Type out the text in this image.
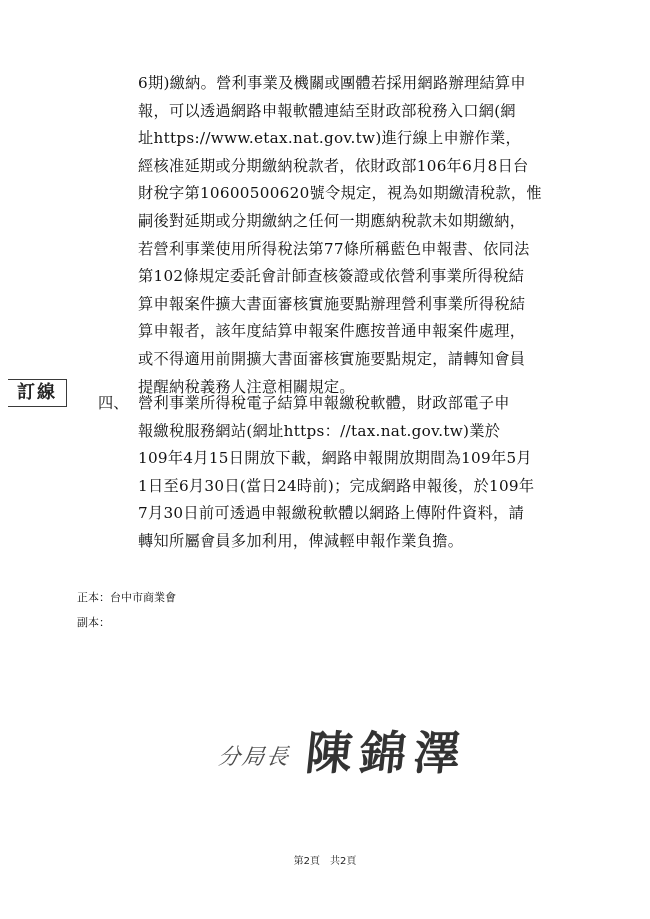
訂線
6期)繳納。營利事業及機關或團體若採用網路辦理結算申
報，可以透過網路申報軟體連結至財政部稅務入口網(網
址https://www.etax.nat.gov.tw)進行線上申辦作業，
經核准延期或分期繳納稅款者，依財政部106年6月8日台
財稅字第10600500620號令規定，視為如期繳清稅款，惟
嗣後對延期或分期繳納之任何一期應納稅款未如期繳納，
若營利事業使用所得稅法第77條所稱藍色申報書、依同法
第102條規定委託會計師查核簽證或依營利事業所得稅結
算申報案件擴大書面審核實施要點辦理營利事業所得稅結
算申報者，該年度結算申報案件應按普通申報案件處理，
或不得適用前開擴大書面審核實施要點規定，請轉知會員
提醒納稅義務人注意相關規定。
四、 營利事業所得稅電子結算申報繳稅軟體，財政部電子申
報繳稅服務網站(網址https：//tax.nat.gov.tw)業於
109年4月15日開放下載，網路申報開放期間為109年5月
1日至6月30日(當日24時前)；完成網路申報後，於109年
7月30日前可透過申報繳稅軟體以網路上傳附件資料，請
轉知所屬會員多加利用，俾減輕申報作業負擔。
正本：台中市商業會
副本：
分局長 陳錦澤
第2頁　共2頁
